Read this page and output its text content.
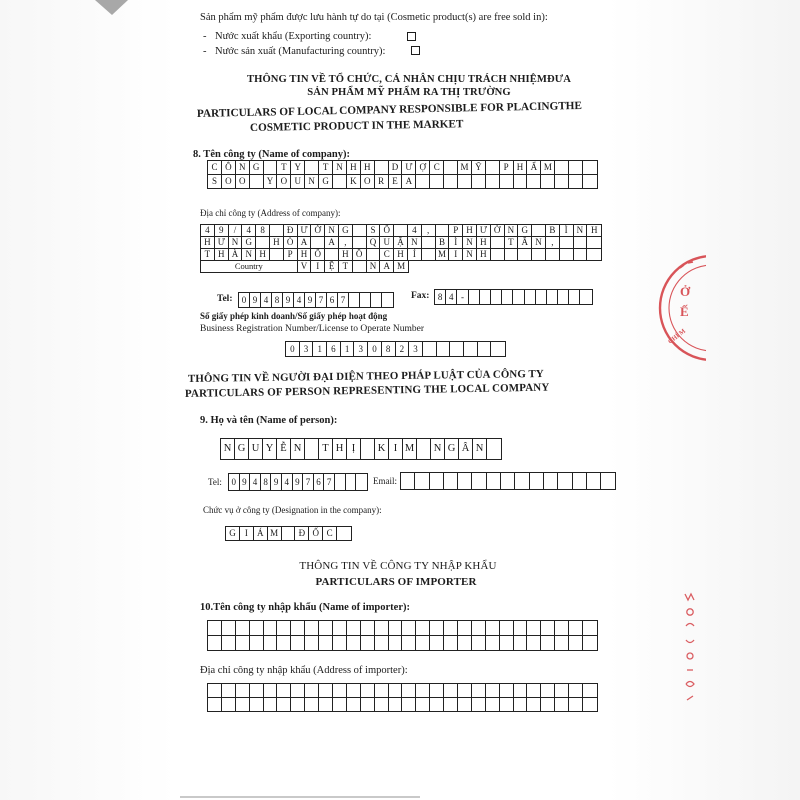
Sản phẩm mỹ phẩm được lưu hành tự do tại (Cosmetic product(s) are free sold in):
- Nước xuất khẩu (Exporting country):
- Nước sản xuất (Manufacturing country):
THÔNG TIN VỀ TỔ CHỨC, CÁ NHÂN CHỊU TRÁCH NHIỆMĐƯA
SẢN PHẨM MỸ PHẨM RA THỊ TRƯỜNG
PARTICULARS OF LOCAL COMPANY RESPONSIBLE FOR PLACINGTHE
COSMETIC PRODUCT IN THE MARKET
8. Tên công ty (Name of company):
C Ô N G	T Y	T N H H	D Ư Ợ C	M Ỹ	P H Ẩ M
S O O	Y O U N G	K O R E A
Địa chỉ công ty (Address of company):
4	9	/	4	8	Đ Ư Ờ N G	S Ố	4	,	P H Ư Ờ N G	B	Ì	N H
H Ư N G	H Ò A	A	,	Q U Ậ N	B	Ì	N H	T Â N	,
T H À N H	P H Ố	H Ồ	C H	Í	M I	N H
Country	V	I	Ệ T	N A M
Tel:	0 9 4 8 9 4 9 7 6 7	Fax: 8 4 -
Số giấy phép kinh doanh/Số giấy phép hoạt động
Business Registration Number/License to Operate Number
0	3	1	6	1	3	0	8	2	3
Ở
Ế
CHÍ M
THÔNG TIN VỀ NGƯỜI ĐẠI DIỆN THEO PHÁP LUẬT CỦA CÔNG TY
PARTICULARS OF PERSON REPRESENTING THE LOCAL COMPANY
9. Họ và tên (Name of person):
N G U Y Ễ N	T H Ị	K I M N G Â N
Tel: 0 9 4 8 9 4 9 7 6 7	Email:
Chức vụ ở công ty (Designation in the company):
G	I	Á M	Đ Ố C
THÔNG TIN VỀ CÔNG TY NHẬP KHẨU
PARTICULARS OF IMPORTER
10.Tên công ty nhập khẩu (Name of importer):
Địa chỉ công ty nhập khẩu (Address of importer):
